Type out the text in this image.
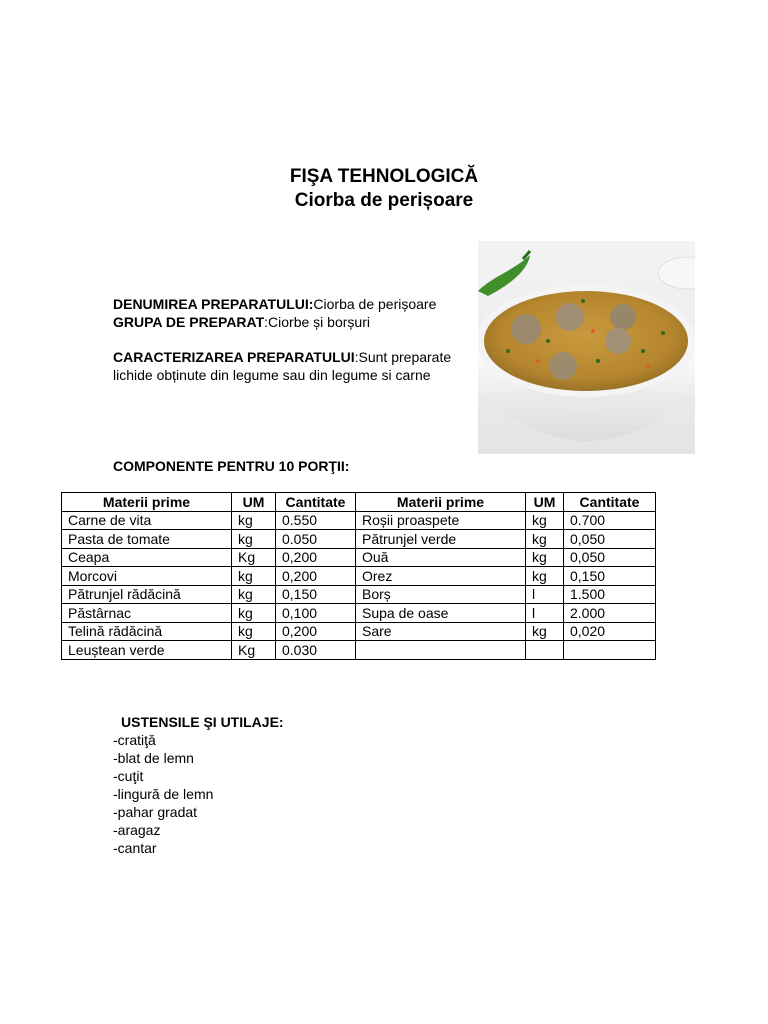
FIŞA TEHNOLOGICĂ
Ciorba de perișoare
DENUMIREA PREPARATULUI:Ciorba de perișoare
GRUPA DE PREPARAT:Ciorbe și borșuri
CARACTERIZAREA PREPARATULUI:Sunt preparate lichide obținute din legume sau din legume si carne
COMPONENTE PENTRU 10 PORŢII:
Materii prime	UM	Cantitate	Materii prime	UM	Cantitate
Carne de vita	kg	0.550	Roșii proaspete	kg	0.700
Pasta de tomate	kg	0.050	Pătrunjel verde	kg	0,050
Ceapa	Kg	0,200	Ouă	kg	0,050
Morcovi	kg	0,200	Orez	kg	0,150
Pătrunjel rădăcină	kg	0,150	Borș	l	1.500
Păstârnac	kg	0,100	Supa de oase	l	2.000
Telină rădăcină	kg	0,200	Sare	kg	0,020
Leuștean verde	Kg	0.030			
USTENSILE ŞI UTILAJE:
-cratiţă
-blat de lemn
-cuţit
-lingură de lemn
-pahar gradat
-aragaz
-cantar
